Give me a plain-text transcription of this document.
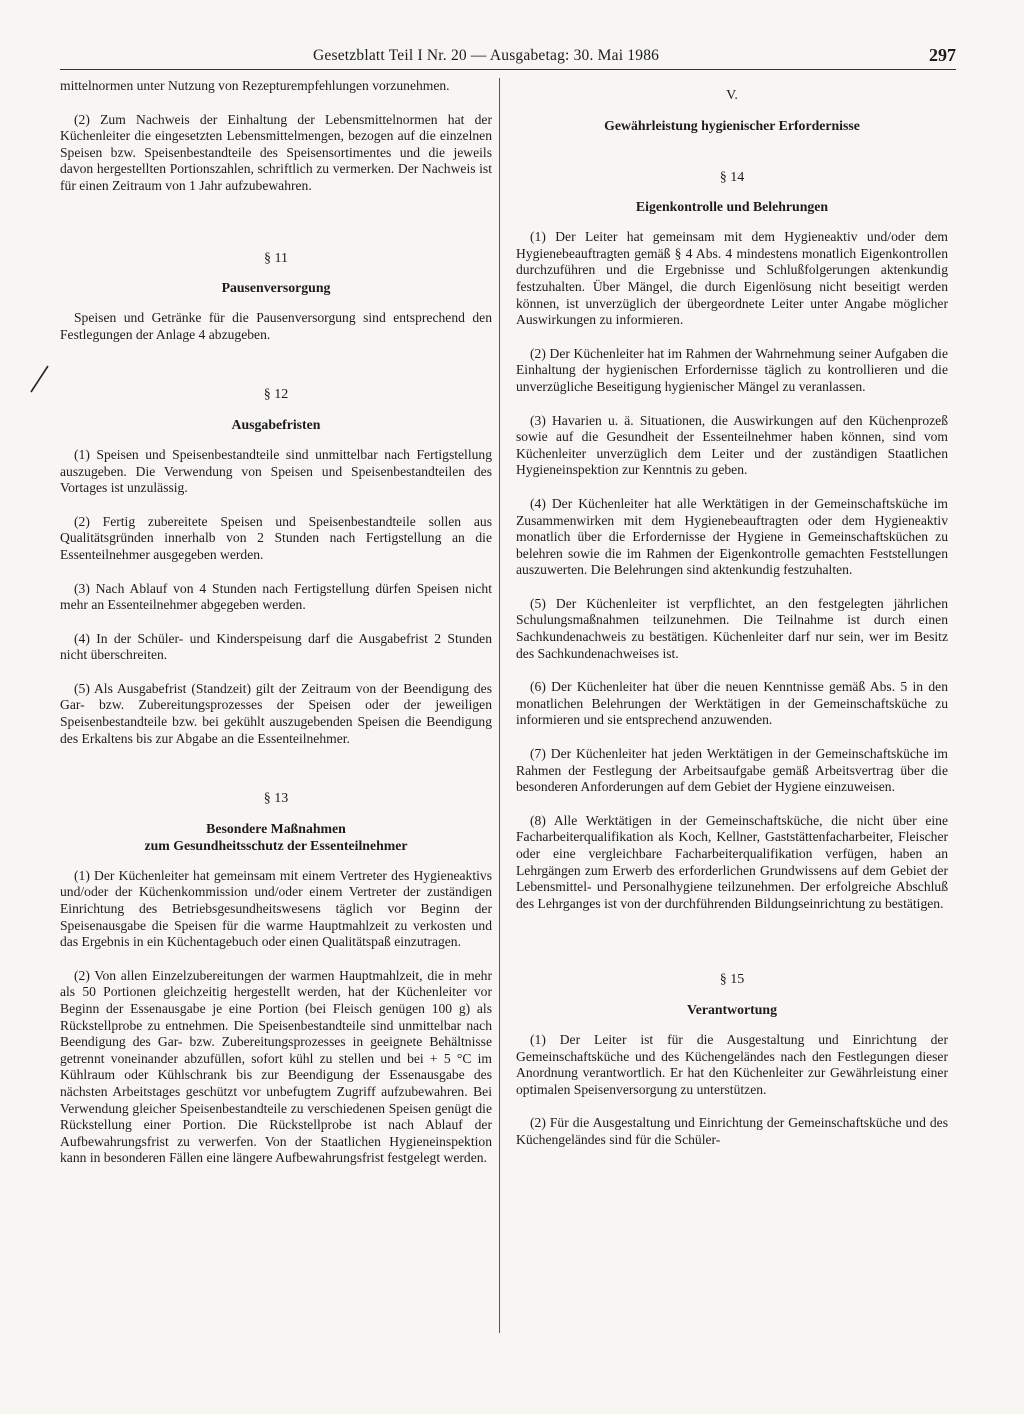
Gesetzblatt Teil I Nr. 20 — Ausgabetag: 30. Mai 1986	297

mittelnormen unter Nutzung von Rezepturempfehlungen vorzunehmen.

(2) Zum Nachweis der Einhaltung der Lebensmittelnormen hat der Küchenleiter die eingesetzten Lebensmittelmengen, bezogen auf die einzelnen Speisen bzw. Speisenbestandteile des Speisensortimentes und die jeweils davon hergestellten Portionszahlen, schriftlich zu vermerken. Der Nachweis ist für einen Zeitraum von 1 Jahr aufzubewahren.

§ 11
Pausenversorgung

Speisen und Getränke für die Pausenversorgung sind entsprechend den Festlegungen der Anlage 4 abzugeben.

§ 12
Ausgabefristen

(1) Speisen und Speisenbestandteile sind unmittelbar nach Fertigstellung auszugeben. Die Verwendung von Speisen und Speisenbestandteilen des Vortages ist unzulässig.

(2) Fertig zubereitete Speisen und Speisenbestandteile sollen aus Qualitätsgründen innerhalb von 2 Stunden nach Fertigstellung an die Essenteilnehmer ausgegeben werden.

(3) Nach Ablauf von 4 Stunden nach Fertigstellung dürfen Speisen nicht mehr an Essenteilnehmer abgegeben werden.

(4) In der Schüler- und Kinderspeisung darf die Ausgabefrist 2 Stunden nicht überschreiten.

(5) Als Ausgabefrist (Standzeit) gilt der Zeitraum von der Beendigung des Gar- bzw. Zubereitungsprozesses der Speisen oder der jeweiligen Speisenbestandteile bzw. bei gekühlt auszugebenden Speisen die Beendigung des Erkaltens bis zur Abgabe an die Essenteilnehmer.

§ 13
Besondere Maßnahmen
zum Gesundheitsschutz der Essenteilnehmer

(1) Der Küchenleiter hat gemeinsam mit einem Vertreter des Hygieneaktivs und/oder der Küchenkommission und/oder einem Vertreter der zuständigen Einrichtung des Betriebsgesundheitswesens täglich vor Beginn der Speisenausgabe die Speisen für die warme Hauptmahlzeit zu verkosten und das Ergebnis in ein Küchentagebuch oder einen Qualitätspaß einzutragen.

(2) Von allen Einzelzubereitungen der warmen Hauptmahlzeit, die in mehr als 50 Portionen gleichzeitig hergestellt werden, hat der Küchenleiter vor Beginn der Essenausgabe je eine Portion (bei Fleisch genügen 100 g) als Rückstellprobe zu entnehmen. Die Speisenbestandteile sind unmittelbar nach Beendigung des Gar- bzw. Zubereitungsprozesses in geeignete Behältnisse getrennt voneinander abzufüllen, sofort kühl zu stellen und bei + 5 °C im Kühlraum oder Kühlschrank bis zur Beendigung der Essenausgabe des nächsten Arbeitstages geschützt vor unbefugtem Zugriff aufzubewahren. Bei Verwendung gleicher Speisenbestandteile zu verschiedenen Speisen genügt die Rückstellung einer Portion. Die Rückstellprobe ist nach Ablauf der Aufbewahrungsfrist zu verwerfen. Von der Staatlichen Hygieneinspektion kann in besonderen Fällen eine längere Aufbewahrungsfrist festgelegt werden.

V.
Gewährleistung hygienischer Erfordernisse
§ 14
Eigenkontrolle und Belehrungen

(1) Der Leiter hat gemeinsam mit dem Hygieneaktiv und/oder dem Hygienebeauftragten gemäß § 4 Abs. 4 mindestens monatlich Eigenkontrollen durchzuführen und die Ergebnisse und Schlußfolgerungen aktenkundig festzuhalten. Über Mängel, die durch Eigenlösung nicht beseitigt werden können, ist unverzüglich der übergeordnete Leiter unter Angabe möglicher Auswirkungen zu informieren.

(2) Der Küchenleiter hat im Rahmen der Wahrnehmung seiner Aufgaben die Einhaltung der hygienischen Erfordernisse täglich zu kontrollieren und die unverzügliche Beseitigung hygienischer Mängel zu veranlassen.

(3) Havarien u. ä. Situationen, die Auswirkungen auf den Küchenprozeß sowie auf die Gesundheit der Essenteilnehmer haben können, sind vom Küchenleiter unverzüglich dem Leiter und der zuständigen Staatlichen Hygieneinspektion zur Kenntnis zu geben.

(4) Der Küchenleiter hat alle Werktätigen in der Gemeinschaftsküche im Zusammenwirken mit dem Hygienebeauftragten oder dem Hygieneaktiv monatlich über die Erfordernisse der Hygiene in Gemeinschaftsküchen zu belehren sowie die im Rahmen der Eigenkontrolle gemachten Feststellungen auszuwerten. Die Belehrungen sind aktenkundig festzuhalten.

(5) Der Küchenleiter ist verpflichtet, an den festgelegten jährlichen Schulungsmaßnahmen teilzunehmen. Die Teilnahme ist durch einen Sachkundenachweis zu bestätigen. Küchenleiter darf nur sein, wer im Besitz des Sachkundenachweises ist.

(6) Der Küchenleiter hat über die neuen Kenntnisse gemäß Abs. 5 in den monatlichen Belehrungen der Werktätigen in der Gemeinschaftsküche zu informieren und sie entsprechend anzuwenden.

(7) Der Küchenleiter hat jeden Werktätigen in der Gemeinschaftsküche im Rahmen der Festlegung der Arbeitsaufgabe gemäß Arbeitsvertrag über die besonderen Anforderungen auf dem Gebiet der Hygiene einzuweisen.

(8) Alle Werktätigen in der Gemeinschaftsküche, die nicht über eine Facharbeiterqualifikation als Koch, Kellner, Gaststättenfacharbeiter, Fleischer oder eine vergleichbare Facharbeiterqualifikation verfügen, haben an Lehrgängen zum Erwerb des erforderlichen Grundwissens auf dem Gebiet der Lebensmittel- und Personalhygiene teilzunehmen. Der erfolgreiche Abschluß des Lehrganges ist von der durchführenden Bildungseinrichtung zu bestätigen.

§ 15
Verantwortung

(1) Der Leiter ist für die Ausgestaltung und Einrichtung der Gemeinschaftsküche und des Küchengeländes nach den Festlegungen dieser Anordnung verantwortlich. Er hat den Küchenleiter zur Gewährleistung einer optimalen Speisenversorgung zu unterstützen.

(2) Für die Ausgestaltung und Einrichtung der Gemeinschaftsküche und des Küchengeländes sind für die Schüler-
